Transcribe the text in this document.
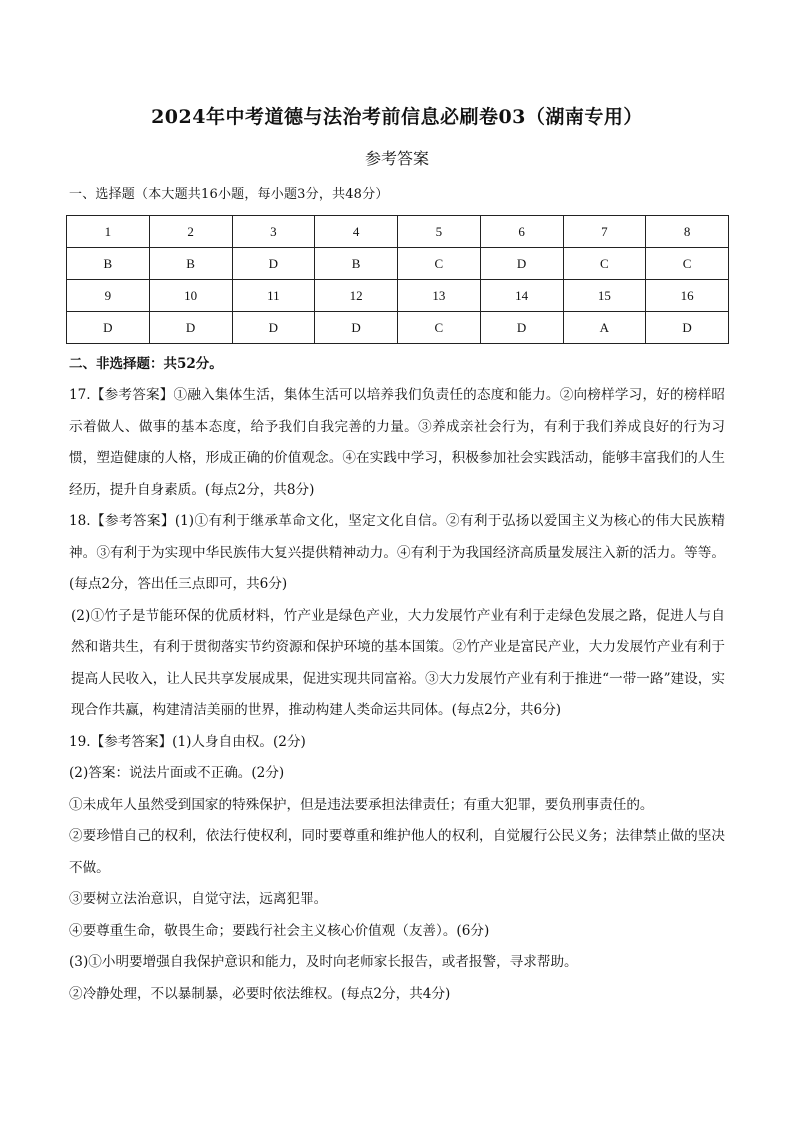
2024年中考道德与法治考前信息必刷卷03（湖南专用）
参考答案
一、选择题（本大题共16小题，每小题3分，共48分）
1	2	3	4	5	6	7	8
B	B	D	B	C	D	C	C
9	10	11	12	13	14	15	16
D	D	D	D	C	D	A	D
二、非选择题：共52分。

17.【参考答案】①融入集体生活，集体生活可以培养我们负责任的态度和能力。②向榜样学习，好的榜样昭示着做人、做事的基本态度，给予我们自我完善的力量。③养成亲社会行为，有利于我们养成良好的行为习惯，塑造健康的人格，形成正确的价值观念。④在实践中学习，积极参加社会实践活动，能够丰富我们的人生经历，提升自身素质。(每点2分，共8分)

18.【参考答案】(1)①有利于继承革命文化，坚定文化自信。②有利于弘扬以爱国主义为核心的伟大民族精神。③有利于为实现中华民族伟大复兴提供精神动力。④有利于为我国经济高质量发展注入新的活力。等等。(每点2分，答出任三点即可，共6分)

(2)①竹子是节能环保的优质材料，竹产业是绿色产业，大力发展竹产业有利于走绿色发展之路，促进人与自然和谐共生，有利于贯彻落实节约资源和保护环境的基本国策。②竹产业是富民产业，大力发展竹产业有利于提高人民收入，让人民共享发展成果，促进实现共同富裕。③大力发展竹产业有利于推进“一带一路”建设，实现合作共赢，构建清洁美丽的世界，推动构建人类命运共同体。(每点2分，共6分)

19.【参考答案】(1)人身自由权。(2分)

(2)答案：说法片面或不正确。(2分)

①未成年人虽然受到国家的特殊保护，但是违法要承担法律责任；有重大犯罪，要负刑事责任的。

②要珍惜自己的权利，依法行使权利，同时要尊重和维护他人的权利，自觉履行公民义务；法律禁止做的坚决不做。

③要树立法治意识，自觉守法，远离犯罪。

④要尊重生命，敬畏生命；要践行社会主义核心价值观（友善）。(6分)

(3)①小明要增强自我保护意识和能力，及时向老师家长报告，或者报警，寻求帮助。

②冷静处理，不以暴制暴，必要时依法维权。(每点2分，共4分)
